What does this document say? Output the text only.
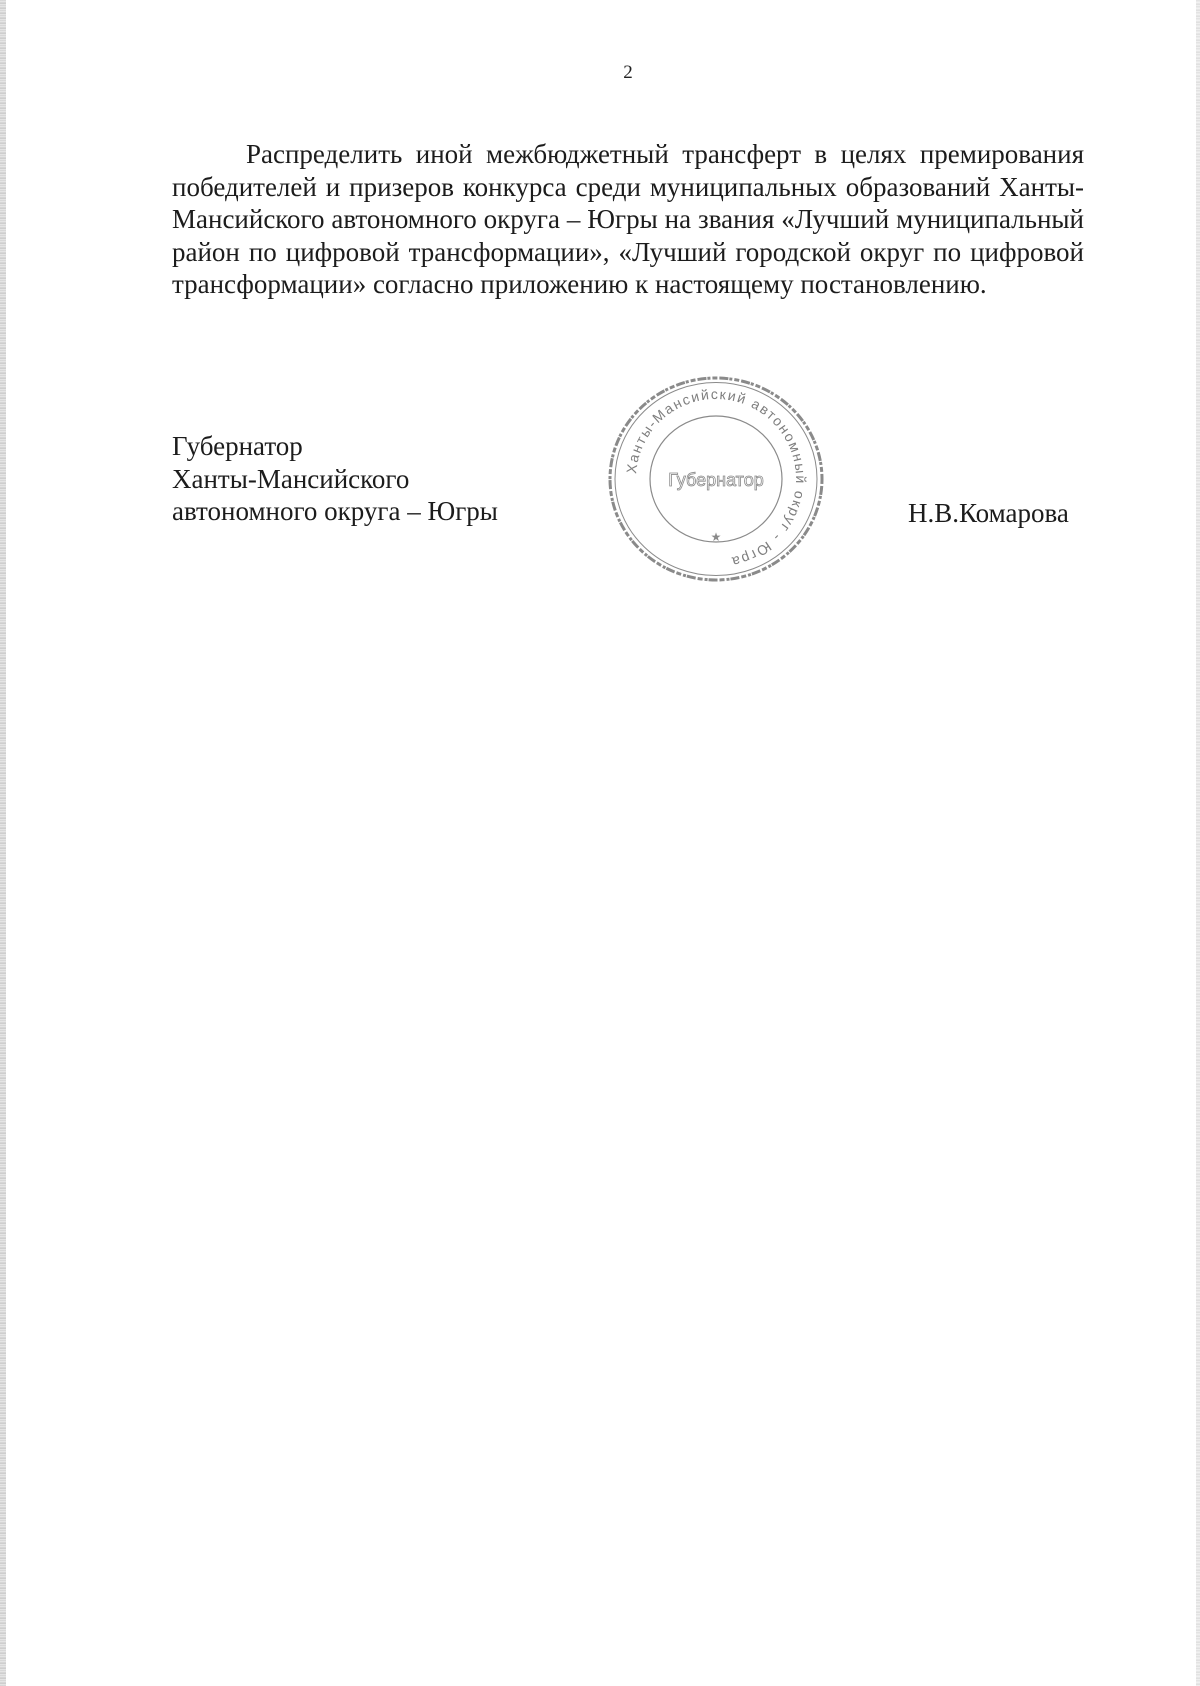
2

Распределить иной межбюджетный трансферт в целях премирования победителей и призеров конкурса среди муниципальных образований Ханты-Мансийского автономного округа – Югры на звания «Лучший муниципальный район по цифровой трансформации», «Лучший городской округ по цифровой трансформации» согласно приложению к настоящему постановлению.

Губернатор
Ханты-Мансийского
автономного округа – Югры
Ханты-Мансийский автономный округ - Югра
Губернатор
★
Н.В.Комарова
